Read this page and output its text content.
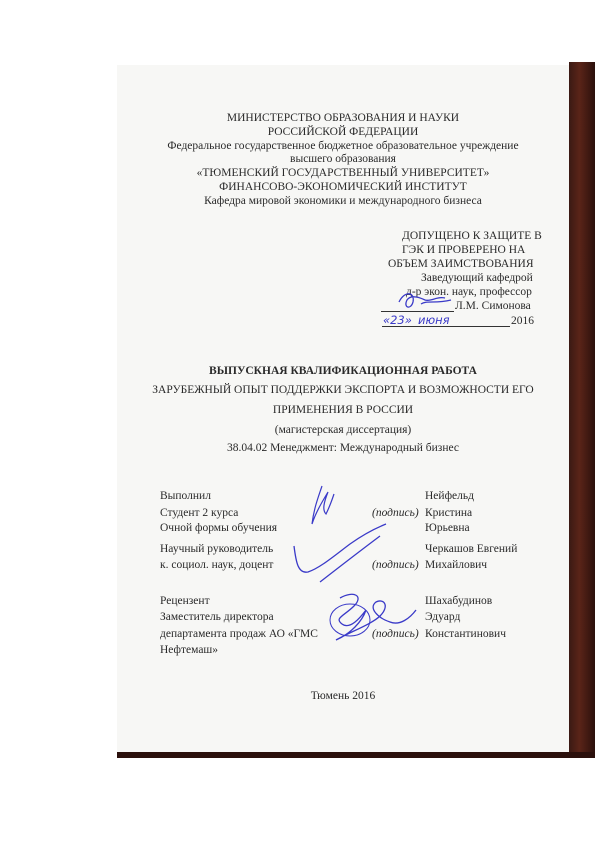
МИНИСТЕРСТВО ОБРАЗОВАНИЯ И НАУКИ
РОССИЙСКОЙ ФЕДЕРАЦИИ
Федеральное государственное бюджетное образовательное учреждение
высшего образования
«ТЮМЕНСКИЙ ГОСУДАРСТВЕННЫЙ УНИВЕРСИТЕТ»
ФИНАНСОВО-ЭКОНОМИЧЕСКИЙ ИНСТИТУТ
Кафедра мировой экономики и международного бизнеса
ДОПУЩЕНО К ЗАЩИТЕ В
ГЭК И ПРОВЕРЕНО НА
ОБЪЕМ ЗАИМСТВОВАНИЯ
Заведующий кафедрой
д-р экон. наук, профессор
Л.М. Симонова
«23» июня	2016
ВЫПУСКНАЯ КВАЛИФИКАЦИОННАЯ РАБОТА
ЗАРУБЕЖНЫЙ ОПЫТ ПОДДЕРЖКИ ЭКСПОРТА И ВОЗМОЖНОСТИ ЕГО
ПРИМЕНЕНИЯ В РОССИИ
(магистерская диссертация)
38.04.02 Менеджмент: Международный бизнес
Выполнил
Студент 2 курса
Очной формы обучения
(подпись)
Нейфельд
Кристина
Юрьевна
Научный руководитель
к. социол. наук, доцент	(подпись)
Черкашов Евгений
Михайлович
Рецензент
Заместитель директора
департамента продаж АО «ГМС
Нефтемаш»
(подпись)
Шахабудинов
Эдуард
Константинович
Тюмень 2016
